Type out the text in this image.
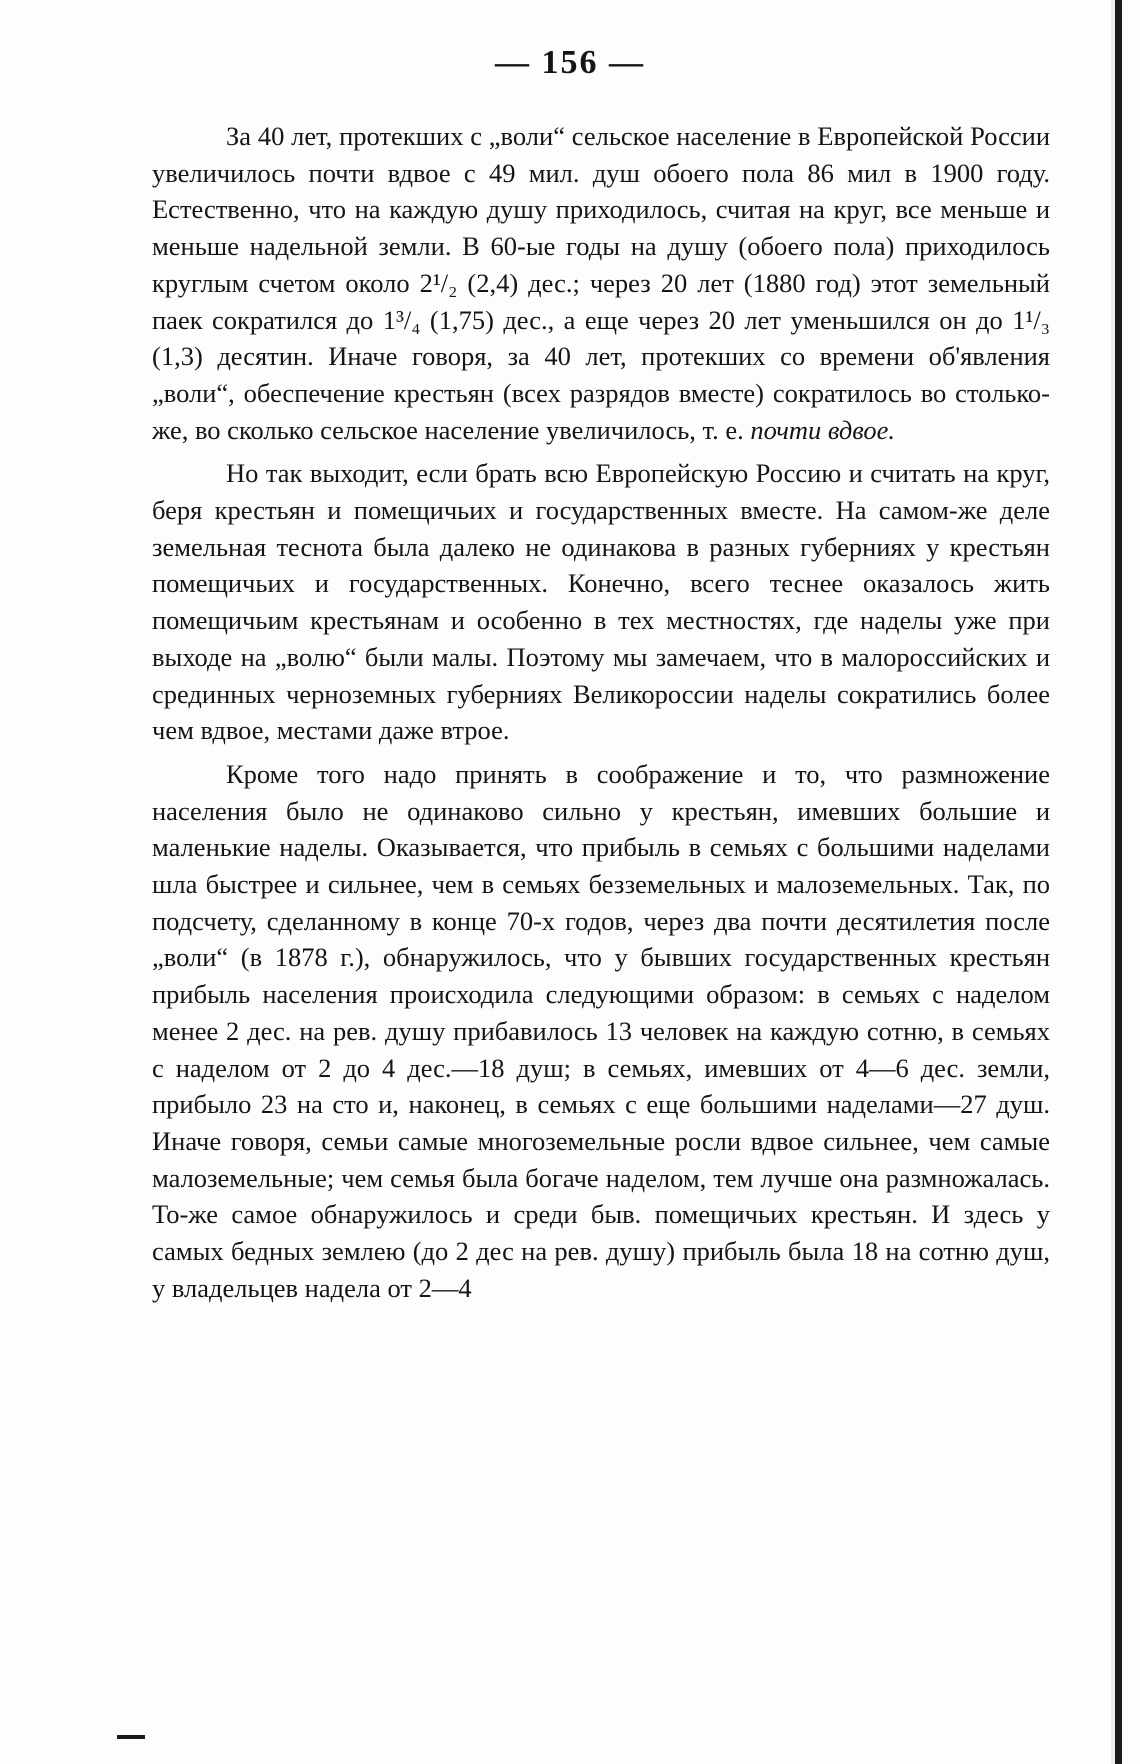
— 156 —

За 40 лет, протекших с „воли“ сельское население в Европейской России увеличилось почти вдвое с 49 мил. душ обоего пола 86 мил в 1900 году. Естественно, что на каждую душу приходилось, считая на круг, все меньше и меньше надельной земли. В 60-ые годы на душу (обоего пола) приходилось круглым счетом около 2¹/₂ (2,4) дес.; через 20 лет (1880 год) этот земельный паек сократился до 1³/₄ (1,75) дес., а еще через 20 лет уменьшился он до 1¹/₃ (1,3) десятин. Иначе говоря, за 40 лет, протекших со времени об'явления „воли“, обеспечение крестьян (всех разрядов вместе) сократилось во столько-же, во сколько сельское население увеличилось, т. е. почти вдвое.

Но так выходит, если брать всю Европейскую Россию и считать на круг, беря крестьян и помещичьих и государственных вместе. На самом-же деле земельная теснота была далеко не одинакова в разных губерниях у крестьян помещичьих и государственных. Конечно, всего теснее оказалось жить помещичьим крестьянам и особенно в тех местностях, где наделы уже при выходе на „волю“ были малы. Поэтому мы замечаем, что в малороссийских и срединных черноземных губерниях Великороссии наделы сократились более чем вдвое, местами даже втрое.

Кроме того надо принять в соображение и то, что размножение населения было не одинаково сильно у крестьян, имевших большие и маленькие наделы. Оказывается, что прибыль в семьях с большими наделами шла быстрее и сильнее, чем в семьях безземельных и малоземельных. Так, по подсчету, сделанному в конце 70-х годов, через два почти десятилетия после „воли“ (в 1878 г.), обнаружилось, что у бывших государственных крестьян прибыль населения происходила следующими образом: в семьях с наделом менее 2 дес. на рев. душу прибавилось 13 человек на каждую сотню, в семьях с наделом от 2 до 4 дес.—18 душ; в семьях, имевших от 4—6 дес. земли, прибыло 23 на сто и, наконец, в семьях с еще большими наделами—27 душ. Иначе говоря, семьи самые многоземельные росли вдвое сильнее, чем самые малоземельные; чем семья была богаче наделом, тем лучше она размножалась. То-же самое обнаружилось и среди быв. помещичьих крестьян. И здесь у самых бедных землею (до 2 дес на рев. душу) прибыль была 18 на сотню душ, у владельцев надела от 2—4
